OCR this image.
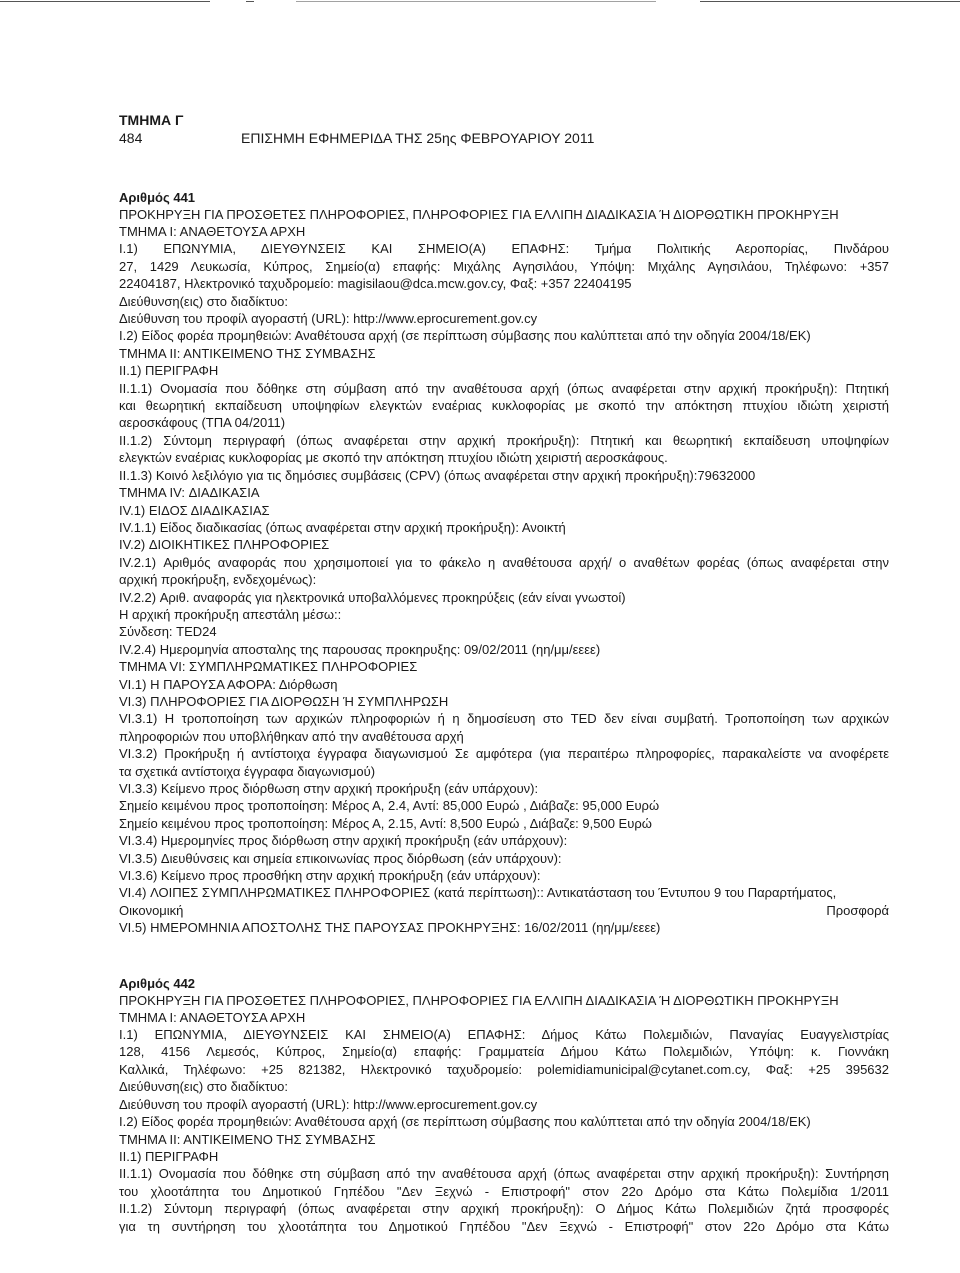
ΤΜΗΜΑ Γ
484	ΕΠΙΣΗΜΗ ΕΦΗΜΕΡΙΔΑ ΤΗΣ 25ης ΦΕΒΡΟΥΑΡΙΟΥ 2011
Αριθμός 441
ΠΡΟΚΗΡΥΞΗ ΓΙΑ ΠΡΟΣΘΕΤΕΣ ΠΛΗΡΟΦΟΡΙΕΣ, ΠΛΗΡΟΦΟΡΙΕΣ ΓΙΑ ΕΛΛΙΠΗ ΔΙΑΔΙΚΑΣΙΑ Ή ΔΙΟΡΘΩΤΙΚΗ ΠΡΟΚΗΡΥΞΗ
ΤΜΗΜΑ Ι: ΑΝΑΘΕΤΟΥΣΑ ΑΡΧΗ
Ι.1) ΕΠΩΝΥΜΙΑ, ΔΙΕΥΘΥΝΣΕΙΣ ΚΑΙ ΣΗΜΕΙΟ(Α) ΕΠΑΦΗΣ: Τμήμα Πολιτικής Αεροπορίας, Πινδάρου
27, 1429 Λευκωσία, Κύπρος, Σημείο(α) επαφής: Μιχάλης Αγησιλάου, Υπόψη: Μιχάλης Αγησιλάου, Τηλέφωνο: +357
22404187, Ηλεκτρονικό ταχυδρομείο: magisilaou@dca.mcw.gov.cy, Φαξ: +357 22404195
Διεύθυνση(εις) στο διαδίκτυο:
Διεύθυνση του προφίλ αγοραστή (URL): http://www.eprocurement.gov.cy
Ι.2) Είδος φορέα προμηθειών: Αναθέτουσα αρχή (σε περίπτωση σύμβασης που καλύπτεται από την οδηγία 2004/18/ΕΚ)
ΤΜΗΜΑ ΙΙ: ΑΝΤΙΚΕΙΜΕΝΟ ΤΗΣ ΣΥΜΒΑΣΗΣ
ΙΙ.1) ΠΕΡΙΓΡΑΦΗ
ΙΙ.1.1) Ονομασία που δόθηκε στη σύμβαση από την αναθέτουσα αρχή (όπως αναφέρεται στην αρχική προκήρυξη): Πτητική
και θεωρητική εκπαίδευση υποψηφίων ελεγκτών εναέριας κυκλοφορίας με σκοπό την απόκτηση πτυχίου ιδιώτη χειριστή
αεροσκάφους (ΤΠΑ 04/2011)
ΙΙ.1.2) Σύντομη περιγραφή (όπως αναφέρεται στην αρχική προκήρυξη): Πτητική και θεωρητική εκπαίδευση υποψηφίων
ελεγκτών εναέριας κυκλοφορίας με σκοπό την απόκτηση πτυχίου ιδιώτη χειριστή αεροσκάφους.
ΙΙ.1.3) Κοινό λεξιλόγιο για τις δημόσιες συμβάσεις (CPV) (όπως αναφέρεται στην αρχική προκήρυξη):79632000
ΤΜΗΜΑ IV: ΔΙΑΔΙΚΑΣΙΑ
IV.1) ΕΙΔΟΣ ΔΙΑΔΙΚΑΣΙΑΣ
IV.1.1) Είδος διαδικασίας (όπως αναφέρεται στην αρχική προκήρυξη): Ανοικτή
IV.2) ΔΙΟΙΚΗΤΙΚΕΣ ΠΛΗΡΟΦΟΡΙΕΣ
IV.2.1) Αριθμός αναφοράς που χρησιμοποιεί για το φάκελο η αναθέτουσα αρχή/ ο αναθέτων φορέας (όπως αναφέρεται στην
αρχική προκήρυξη, ενδεχομένως):
IV.2.2) Αριθ. αναφοράς για ηλεκτρονικά υποβαλλόμενες προκηρύξεις (εάν είναι γνωστοί)
Η αρχική προκήρυξη απεστάλη μέσω::
Σύνδεση: TED24
IV.2.4) Ημερομηνία αποσταλης της παρουσας προκηρυξης: 09/02/2011 (ηη/μμ/εεεε)
ΤΜΗΜΑ VI: ΣΥΜΠΛΗΡΩΜΑΤΙΚΕΣ ΠΛΗΡΟΦΟΡΙΕΣ
VI.1) Η ΠΑΡΟΥΣΑ ΑΦΟΡΑ: Διόρθωση
VI.3) ΠΛΗΡΟΦΟΡΙΕΣ ΓΙΑ ΔΙΟΡΘΩΣΗ Ή ΣΥΜΠΛΗΡΩΣΗ
VI.3.1) Η τροποποίηση των αρχικών πληροφοριών ή η δημοσίευση στο TED δεν είναι συμβατή. Τροποποίηση των αρχικών
πληροφοριών που υποβλήθηκαν από την αναθέτουσα αρχή
VI.3.2) Προκήρυξη ή αντίστοιχα έγγραφα διαγωνισμού Σε αμφότερα (για περαιτέρω πληροφορίες, παρακαλείστε να ανοφέρετε
τα σχετικά αντίστοιχα έγγραφα διαγωνισμού)
VI.3.3) Κείμενο προς διόρθωση στην αρχική προκήρυξη (εάν υπάρχουν):
Σημείο κειμένου προς τροποποίηση: Μέρος Α, 2.4, Αντί: 85,000 Ευρώ , Διάβαζε: 95,000 Ευρώ
Σημείο κειμένου προς τροποποίηση: Μέρος Α, 2.15, Αντί: 8,500 Ευρώ , Διάβαζε: 9,500 Ευρώ
VI.3.4) Ημερομηνίες προς διόρθωση στην αρχική προκήρυξη (εάν υπάρχουν):
VI.3.5) Διευθύνσεις και σημεία επικοινωνίας προς διόρθωση (εάν υπάρχουν):
VI.3.6) Κείμενο προς προσθήκη στην αρχική προκήρυξη (εάν υπάρχουν):
VI.4) ΛΟΙΠΕΣ ΣΥΜΠΛΗΡΩΜΑΤΙΚΕΣ ΠΛΗΡΟΦΟΡΙΕΣ (κατά περίπτωση):: Αντικατάσταση του Έντυπου 9 του Παραρτήματος,
Οικονομική Προσφορά
VI.5) ΗΜΕΡΟΜΗΝΙΑ ΑΠΟΣΤΟΛΗΣ ΤΗΣ ΠΑΡΟΥΣΑΣ ΠΡΟΚΗΡΥΞΗΣ: 16/02/2011 (ηη/μμ/εεεε)
Αριθμός 442
ΠΡΟΚΗΡΥΞΗ ΓΙΑ ΠΡΟΣΘΕΤΕΣ ΠΛΗΡΟΦΟΡΙΕΣ, ΠΛΗΡΟΦΟΡΙΕΣ ΓΙΑ ΕΛΛΙΠΗ ΔΙΑΔΙΚΑΣΙΑ Ή ΔΙΟΡΘΩΤΙΚΗ ΠΡΟΚΗΡΥΞΗ
ΤΜΗΜΑ Ι: ΑΝΑΘΕΤΟΥΣΑ ΑΡΧΗ
Ι.1) ΕΠΩΝΥΜΙΑ, ΔΙΕΥΘΥΝΣΕΙΣ ΚΑΙ ΣΗΜΕΙΟ(Α) ΕΠΑΦΗΣ: Δήμος Κάτω Πολεμιδιών, Παναγίας Ευαγγελιστρίας
128, 4156 Λεμεσός, Κύπρος, Σημείο(α) επαφής: Γραμματεία Δήμου Κάτω Πολεμιδιών, Υπόψη: κ. Γιοννάκη
Καλλικά, Τηλέφωνο: +25 821382, Ηλεκτρονικό ταχυδρομείο: polemidiamunicipal@cytanet.com.cy, Φαξ: +25 395632
Διεύθυνση(εις) στο διαδίκτυο:
Διεύθυνση του προφίλ αγοραστή (URL): http://www.eprocurement.gov.cy
Ι.2) Είδος φορέα προμηθειών: Αναθέτουσα αρχή (σε περίπτωση σύμβασης που καλύπτεται από την οδηγία 2004/18/ΕΚ)
ΤΜΗΜΑ ΙΙ: ΑΝΤΙΚΕΙΜΕΝΟ ΤΗΣ ΣΥΜΒΑΣΗΣ
ΙΙ.1) ΠΕΡΙΓΡΑΦΗ
ΙΙ.1.1) Ονομασία που δόθηκε στη σύμβαση από την αναθέτουσα αρχή (όπως αναφέρεται στην αρχική προκήρυξη): Συντήρηση
του χλοοτάπητα του Δημοτικού Γηπέδου "Δεν Ξεχνώ - Επιστροφή" στον 22ο Δρόμο στα Κάτω Πολεμίδια 1/2011
ΙΙ.1.2) Σύντομη περιγραφή (όπως αναφέρεται στην αρχική προκήρυξη): Ο Δήμος Κάτω Πολεμιδιών ζητά προσφορές
για τη συντήρηση του χλοοτάπητα του Δημοτικού Γηπέδου "Δεν Ξεχνώ - Επιστροφή" στον 22ο Δρόμο στα Κάτω
